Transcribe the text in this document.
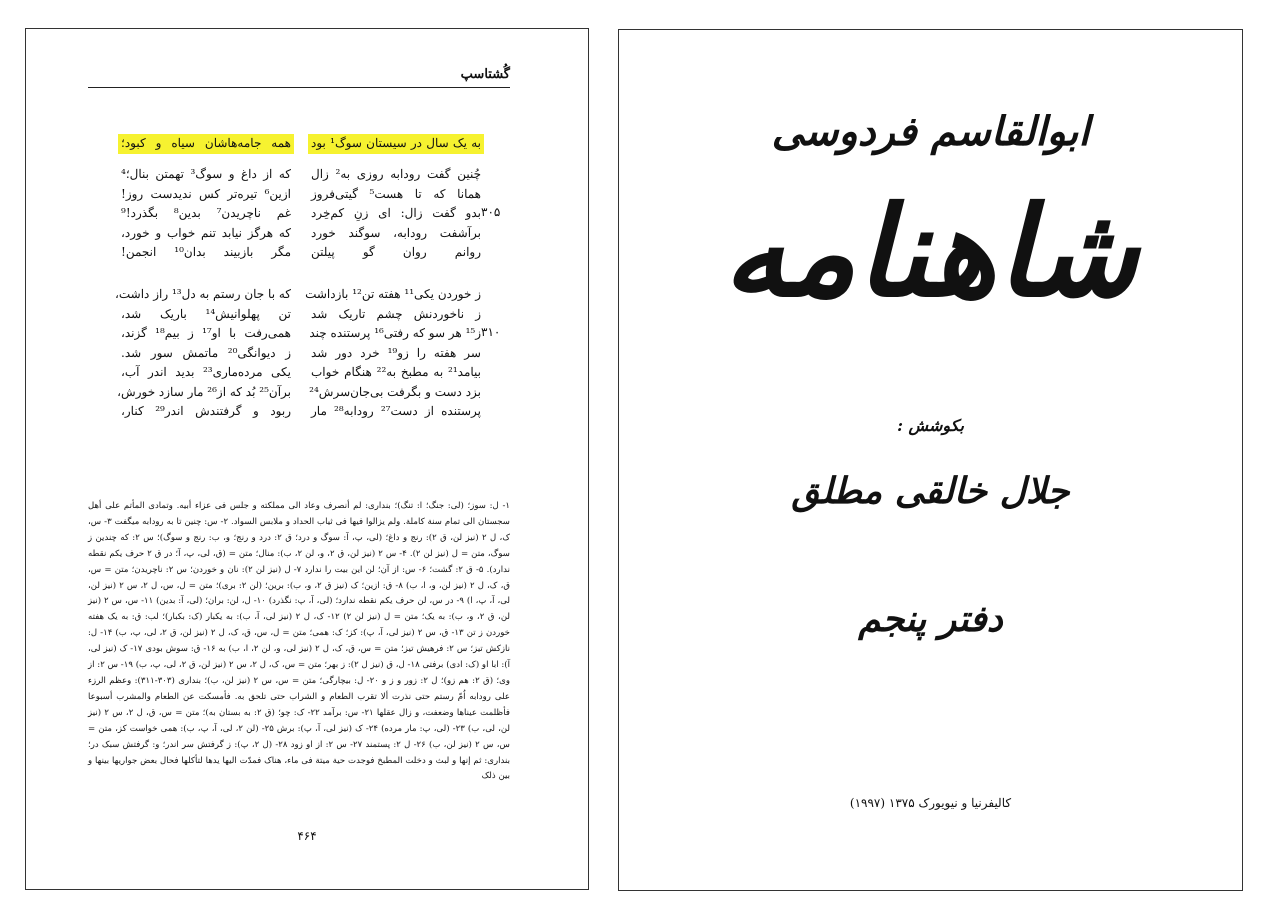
گُشتاسپ
به یک سال در سیستان سوگ¹ بود
همه جامه‌هاشان سیاه و کبود؛
چُنین گفت رودابه روزی به² زال
که از داغ و سوگ³ تهمتن بنال؛⁴
همانا که تا هست⁵ گیتی‌فروز
ازین⁶ تیره‌تر کس ندیدست روز!
بدو گفت زال: ای زنِ کم‌خِرد
غم ناچریدن⁷ بدین⁸ بگذرد!⁹
برآشفت رودابه، سوگند خورد
که هرگز نیابد تنم خواب و خورد،
روانم روان گو پیلتن
مگر بازبیند بدان¹⁰ انجمن!
ز خوردن یکی¹¹ هفته تن¹² بازداشت
که با جان رستم به دل¹³ راز داشت،
ز ناخوردنش چشم تاریک شد
تن پهلوانیش¹⁴ باریک شد،
ز¹⁵ هر سو که رفتی¹⁶ پرستنده چند
همی‌رفت با او¹⁷ ز بیم¹⁸ گزند،
سر هفته را زو¹⁹ خرد دور شد
ز دیوانگی²⁰ ماتمش سور شد.
بیامد²¹ به مطبخ به²² هنگام خواب
یکی مرده‌ماری²³ بدید اندر آب،
بزد دست و بگرفت بی‌جان‌سرش²⁴
برآن²⁵ بُد که از²⁶ مار سازد خورش،
پرستنده از دست²⁷ رودابه²⁸ مار
ربود و گرفتندش اندر²⁹ کنار،
۳۰۵
۳۱۰

۱- ل: سوز؛ (لی: جنگ؛ ا: تنگ)؛ بنداری: لم ‌أنصرف وعاد الی مملکته و جلس فی عزاء أبیه. وتمادی المأتم علی أهل سجستان الی تمام سنة کاملة. ولم یزالوا فیها فی ثیاب الحداد و ملابس السواد. ۲- س: چنین تا به رودابه میگفت ۳- س، ک، ل ۲ (نیز لن، ق ۲): رنج و داغ؛ (لی، پ، آ: سوگ و درد؛ ق ۲: درد و رنج؛ و، ب: رنج و سوگ)؛ س ۲: که چندین ز سوگ، متن = ل (نیز لن ۲). ۴- س ۲ (نیز لن، ق ۲، و، لن ۲، ب): منال؛ متن = (ق، لی، پ، آ؛ در ق ۲ حرف یکم نقطه ندارد). ۵- ق ۲: گشت؛ ۶- س: از آن؛ لن این بیت را ندارد ۷- ل (نیز لن ۲): نان و خوردن؛ س ۲: ناچریدن؛ متن = س، ق، ک، ل ۲ (نیز لن، و، ا، ب) ۸- ق: ازین؛ ک (نیز ق ۲، و، ب): برین؛ (لن ۲: بری)؛ متن = ل، س، ل ۲، س ۲ (نیز لن، لی، آ، پ، ا) ۹- در س، لن حرف یکم نقطه ندارد؛ (لی، آ، پ: نگذرد) ۱۰- ل، لن: بران؛ (لی، آ: بدین) ۱۱- س، س ۲ (نیز لن، ق ۲، و، ب): به یک؛ متن = ل (نیز لن ۲) ۱۲- ک، ل ۲ (نیز لی، آ، ب): به یکبار (ک: بکبار)؛ لب: ق: به یک هفته خوردن ز تن ۱۳- ق، س ۲ (نیز لی، آ، پ): کز؛ ک: همی؛ متن = ل، س، ق، ک، ل ۲ (نیز لن، ق ۲، لی، پ، ب) ۱۴- ل: نازکش تیز؛ س ۲: فرهیش تیز؛ متن = س، ق، ک، ل ۲ (نیز لی، و، لن ۲، ا، ب) به ۱۶- ق: سوش بودی ۱۷- ک (نیز لی، آ): ابا او (ک: ادی) برفتی ۱۸- ل، ق (نیز ل ۲): ز بهر؛ متن = س، ک، ل ۲، س ۲ (نیز لن، ق ۲، لی، پ، ب) ۱۹- س ۲: از وی؛ (ق ۲: هم زو)؛ ل ۲: زور و ز و ۲۰- ل: بیچارگی؛ متن = س، س ۲ (نیز لن، ب)؛ بنداری (۳۰۳-۳۱۱): وعظم الرزء علی رودابه اُمّ رستم حتی نذرت ألا تقرب الطعام و الشراب حتی تلحق به. فأمسکت عن الطعام والمشرب أسبوعا فأظلمت عیناها وضعفت، و زال عقلها ۲۱- س: برآمد ۲۲- ک: چو؛ (ق ۲: به بستان به)؛ متن = س، ق، ل ۲، س ۲ (نیز لن، لی، ب) ۲۳- (لی، پ: مار مرده) ۲۴- ک (نیز لی، آ، پ): برش ۲۵- (لن ۲، لی، آ، پ، ب): همی خواست کز، متن = س، س ۲ (نیز لن، ب) ۲۶- ل ۲: پستمند ۲۷- س ۲: از او زود ۲۸- (ل ۲، پ): ز گرفتش سر اندر؛ و: گرفتش سبک در؛ بنداری: ثم إنها و لبث و دخلت المطبخ فوجدت حیة میتة فی ماء، هناک فمدّت الیها یدها لتأکلها فحال بعض جواریها بینها و بین ذلک

۴۶۴
ابوالقاسم فردوسی
شاهنامه
بکوشش :
جلال خالقی مطلق
دفتر پنجم
کالیفرنیا و نیویورک ۱۳۷۵ (۱۹۹۷)
